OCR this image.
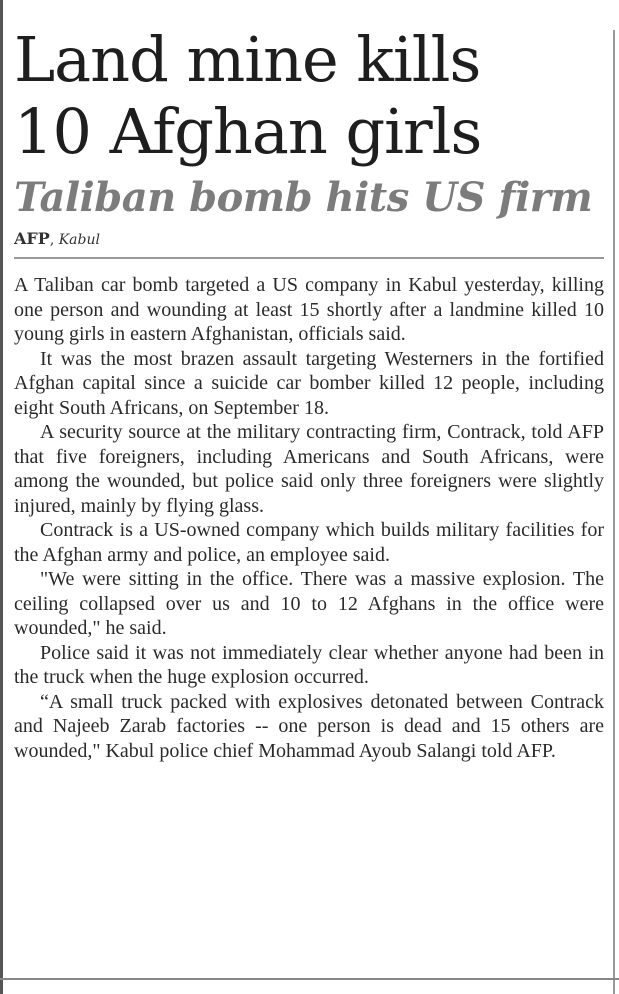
Land mine kills
10 Afghan girls
Taliban bomb hits US firm
AFP, Kabul

A Taliban car bomb targeted a US company in Kabul yesterday, killing one person and wounding at least 15 shortly after a landmine killed 10 young girls in eastern Afghanistan, officials said.

It was the most brazen assault targeting Westerners in the fortified Afghan capital since a suicide car bomber killed 12 people, including eight South Africans, on September 18.

A security source at the military contracting firm, Contrack, told AFP that five foreigners, including Americans and South Africans, were among the wounded, but police said only three foreigners were slightly injured, mainly by flying glass.

Contrack is a US-owned company which builds military facilities for the Afghan army and police, an employee said.

"We were sitting in the office. There was a massive explosion. The ceiling collapsed over us and 10 to 12 Afghans in the office were wounded," he said.

Police said it was not immediately clear whether anyone had been in the truck when the huge explosion occurred.

“A small truck packed with explosives detonated between Contrack and Najeeb Zarab factories -- one person is dead and 15 others are wounded," Kabul police chief Mohammad Ayoub Salangi told AFP.
